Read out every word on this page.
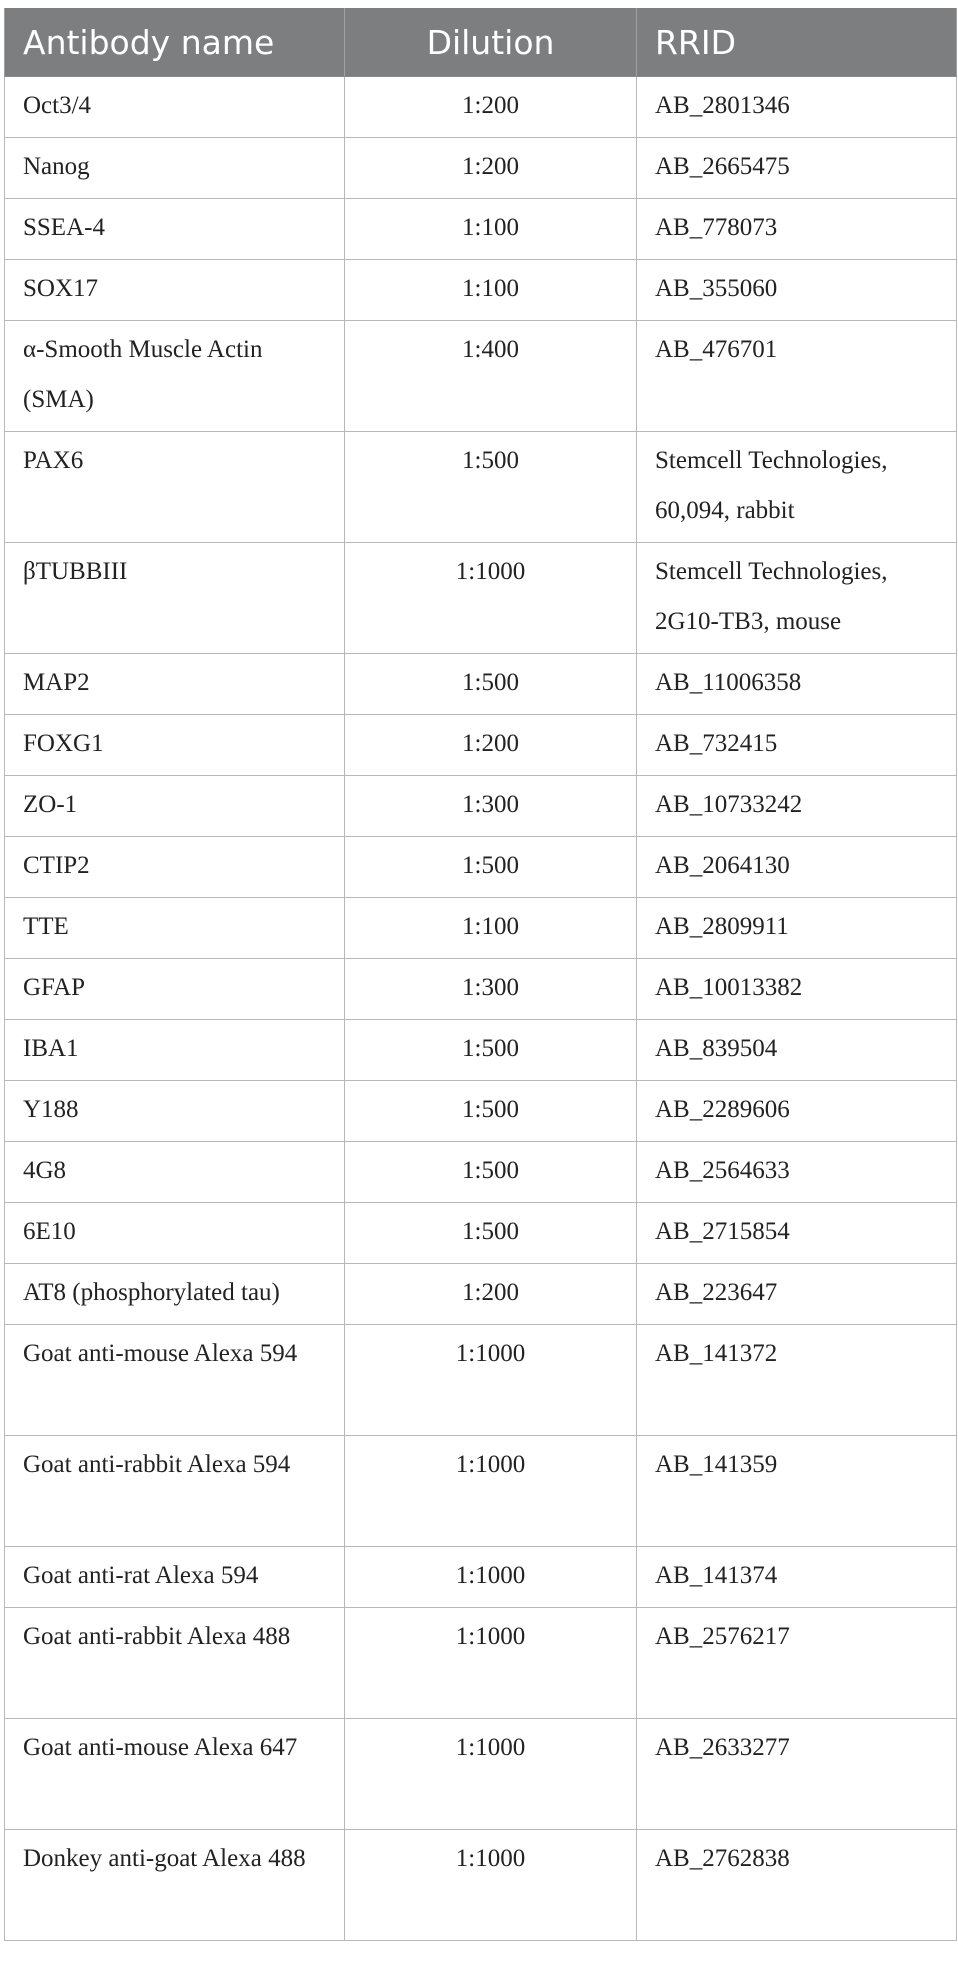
Antibody name	Dilution	RRID
Oct3/4	1:200	AB_2801346
Nanog	1:200	AB_2665475
SSEA-4	1:100	AB_778073
SOX17	1:100	AB_355060
α-Smooth Muscle Actin (SMA)	1:400	AB_476701
PAX6	1:500	Stemcell Technologies, 60,094, rabbit
βTUBBIII	1:1000	Stemcell Technologies, 2G10-TB3, mouse
MAP2	1:500	AB_11006358
FOXG1	1:200	AB_732415
ZO-1	1:300	AB_10733242
CTIP2	1:500	AB_2064130
TTE	1:100	AB_2809911
GFAP	1:300	AB_10013382
IBA1	1:500	AB_839504
Y188	1:500	AB_2289606
4G8	1:500	AB_2564633
6E10	1:500	AB_2715854
AT8 (phosphorylated tau)	1:200	AB_223647
Goat anti-mouse Alexa 594	1:1000	AB_141372
Goat anti-rabbit Alexa 594	1:1000	AB_141359
Goat anti-rat Alexa 594	1:1000	AB_141374
Goat anti-rabbit Alexa 488	1:1000	AB_2576217
Goat anti-mouse Alexa 647	1:1000	AB_2633277
Donkey anti-goat Alexa 488	1:1000	AB_2762838
